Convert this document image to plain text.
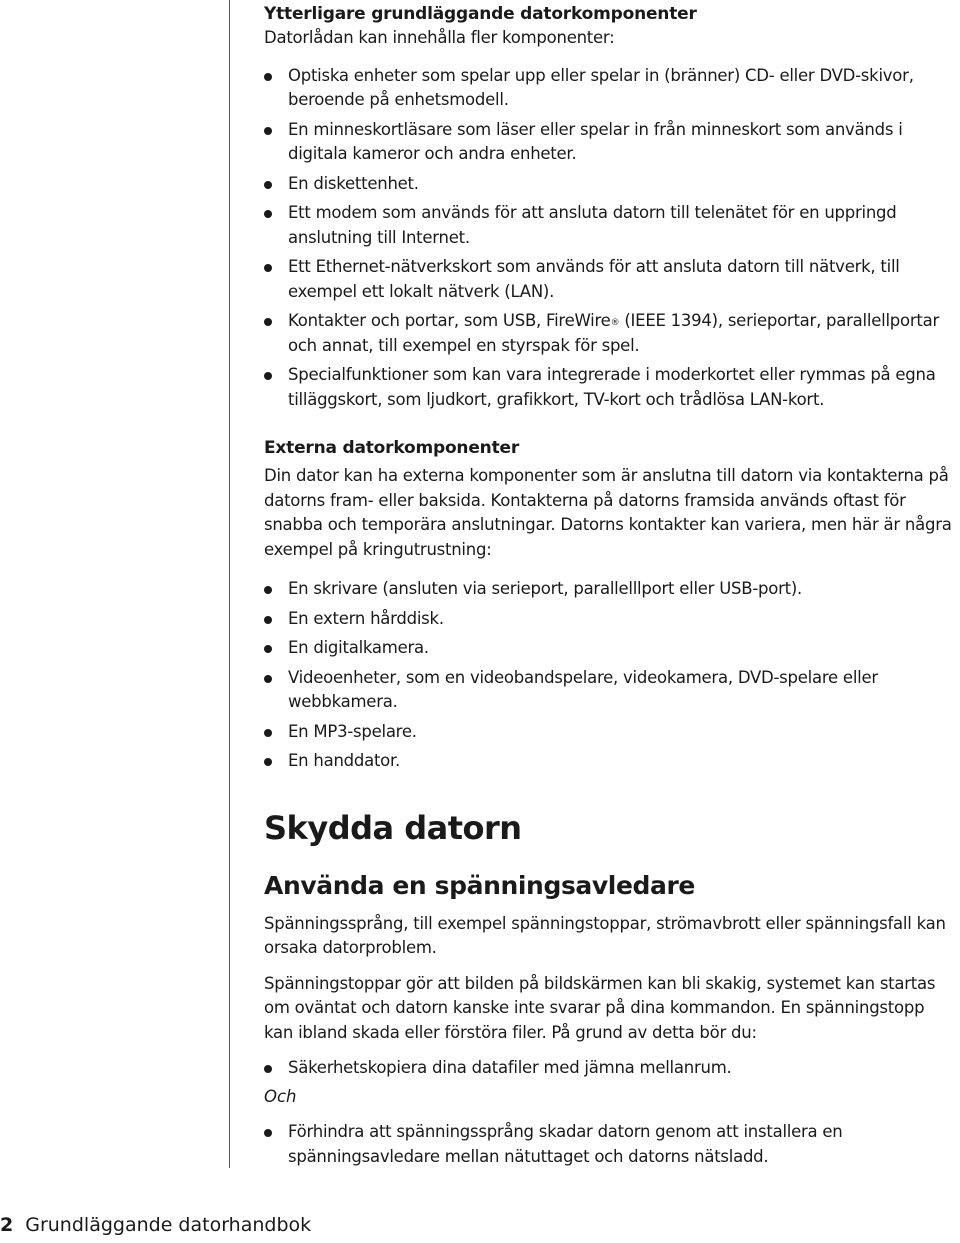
Ytterligare grundläggande datorkomponenter

Datorlådan kan innehålla fler komponenter:

Optiska enheter som spelar upp eller spelar in (bränner) CD- eller DVD-skivor, beroende på enhetsmodell.
En minneskortläsare som läser eller spelar in från minneskort som används i digitala kameror och andra enheter.
En diskettenhet.
Ett modem som används för att ansluta datorn till telenätet för en uppringd anslutning till Internet.
Ett Ethernet-nätverkskort som används för att ansluta datorn till nätverk, till exempel ett lokalt nätverk (LAN).
Kontakter och portar, som USB, FireWire® (IEEE 1394), serieportar, parallellportar och annat, till exempel en styrspak för spel.
Specialfunktioner som kan vara integrerade i moderkortet eller rymmas på egna tilläggskort, som ljudkort, grafikkort, TV-kort och trådlösa LAN-kort.
Externa datorkomponenter

Din dator kan ha externa komponenter som är anslutna till datorn via kontakterna på datorns fram- eller baksida. Kontakterna på datorns framsida används oftast för snabba och temporära anslutningar. Datorns kontakter kan variera, men här är några exempel på kringutrustning:

En skrivare (ansluten via serieport, parallelllport eller USB-port).
En extern hårddisk.
En digitalkamera.
Videoenheter, som en videobandspelare, videokamera, DVD-spelare eller webbkamera.
En MP3-spelare.
En handdator.
Skydda datorn
Använda en spänningsavledare

Spänningssprång, till exempel spänningstoppar, strömavbrott eller spänningsfall kan orsaka datorproblem.

Spänningstoppar gör att bilden på bildskärmen kan bli skakig, systemet kan startas om oväntat och datorn kanske inte svarar på dina kommandon. En spänningstopp kan ibland skada eller förstöra filer. På grund av detta bör du:

Säkerhetskopiera dina datafiler med jämna mellanrum.

Och

Förhindra att spänningssprång skadar datorn genom att installera en spänningsavledare mellan nätuttaget och datorns nätsladd.
2 Grundläggande datorhandbok
